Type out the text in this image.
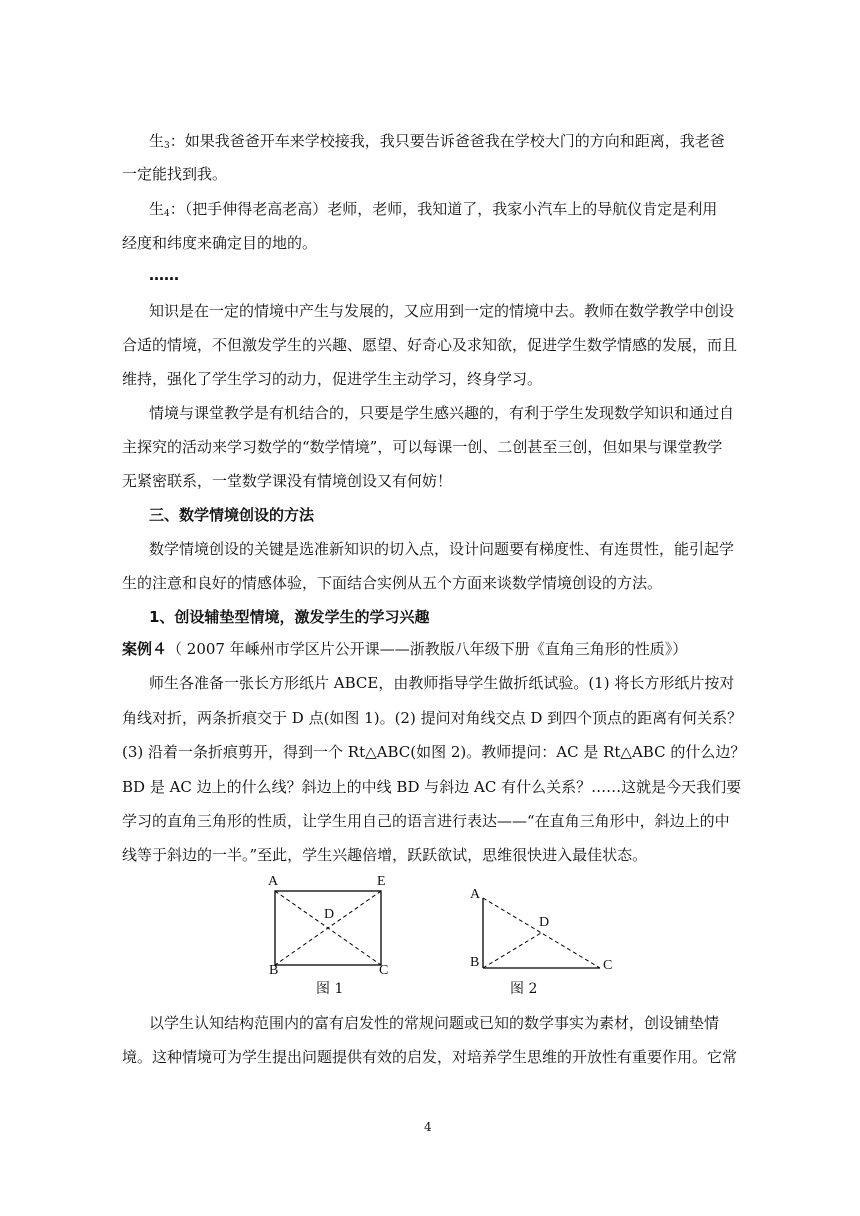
生$_3$：如果我爸爸开车来学校接我，我只要告诉爸爸我在学校大门的方向和距离，我老爸

一定能找到我。

生$_4$：（把手伸得老高老高）老师，老师，我知道了，我家小汽车上的导航仪肯定是利用

经度和纬度来确定目的地的。

……

知识是在一定的情境中产生与发展的，又应用到一定的情境中去。教师在数学教学中创设

合适的情境，不但激发学生的兴趣、愿望、好奇心及求知欲，促进学生数学情感的发展，而且

维持，强化了学生学习的动力，促进学生主动学习，终身学习。

情境与课堂教学是有机结合的，只要是学生感兴趣的，有利于学生发现数学知识和通过自

主探究的活动来学习数学的“数学情境”，可以每课一创、二创甚至三创，但如果与课堂教学

无紧密联系，一堂数学课没有情境创设又有何妨！

三、数学情境创设的方法

数学情境创设的关键是选准新知识的切入点，设计问题要有梯度性、有连贯性，能引起学

生的注意和良好的情感体验，下面结合实例从五个方面来谈数学情境创设的方法。

1、创设辅垫型情境，激发学生的学习兴趣

案例４（ 2007 年嵊州市学区片公开课——浙教版八年级下册《直角三角形的性质》）

师生各准备一张长方形纸片 ABCE，由教师指导学生做折纸试验。(1) 将长方形纸片按对

角线对折，两条折痕交于 D 点(如图 1)。(2) 提问对角线交点 D 到四个顶点的距离有何关系？

(3) 沿着一条折痕剪开，得到一个 Rt△ABC(如图 2)。教师提问：AC 是 Rt△ABC 的什么边？

BD 是 AC 边上的什么线？斜边上的中线 BD 与斜边 AC 有什么关系？……这就是今天我们要

学习的直角三角形的性质，让学生用自己的语言进行表达——“在直角三角形中，斜边上的中

线等于斜边的一半。”至此，学生兴趣倍增，跃跃欲试，思维很快进入最佳状态。

A	E
D
B	C
图 1
A
D
B	C
图 2

以学生认知结构范围内的富有启发性的常规问题或已知的数学事实为素材，创设铺垫情

境。这种情境可为学生提出问题提供有效的启发，对培养学生思维的开放性有重要作用。它常

4
